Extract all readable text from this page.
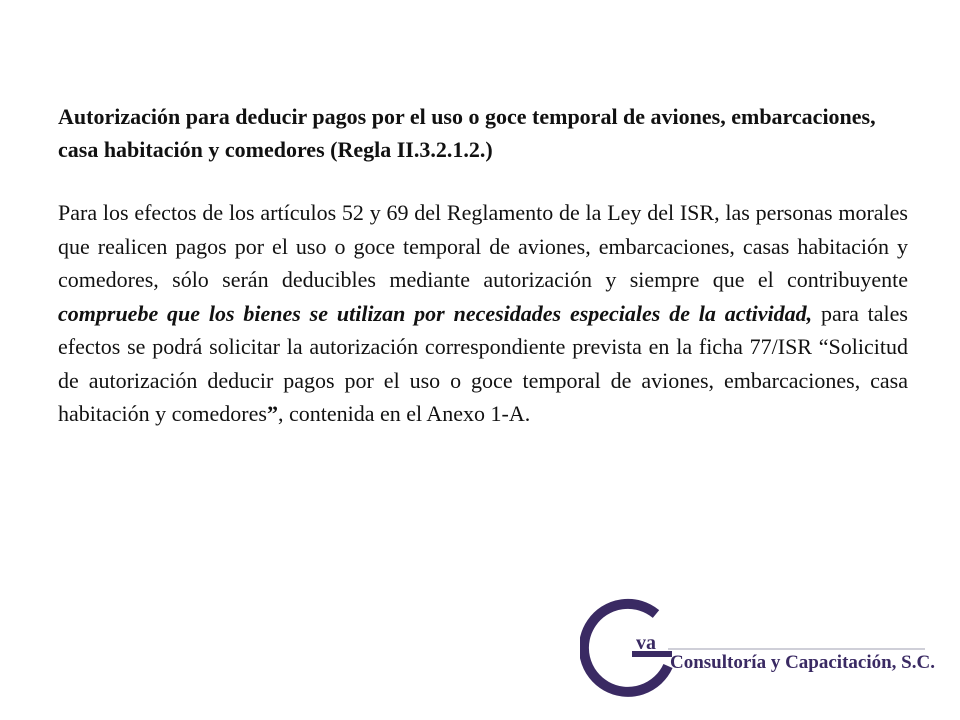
Autorización para deducir pagos por el uso o goce temporal de aviones, embarcaciones, casa habitación y comedores (Regla II.3.2.1.2.)

Para los efectos de los artículos 52 y 69 del Reglamento de la Ley del ISR, las personas morales que realicen pagos por el uso o goce temporal de aviones, embarcaciones, casas habitación y comedores, sólo serán deducibles mediante autorización y siempre que el contribuyente compruebe que los bienes se utilizan por necesidades especiales de la actividad, para tales efectos se podrá solicitar la autorización correspondiente prevista en la ficha 77/ISR “Solicitud de autorización deducir pagos por el uso o goce temporal de aviones, embarcaciones, casa habitación y comedores”, contenida en el Anexo 1-A.

va
Consultoría y Capacitación, S.C.
